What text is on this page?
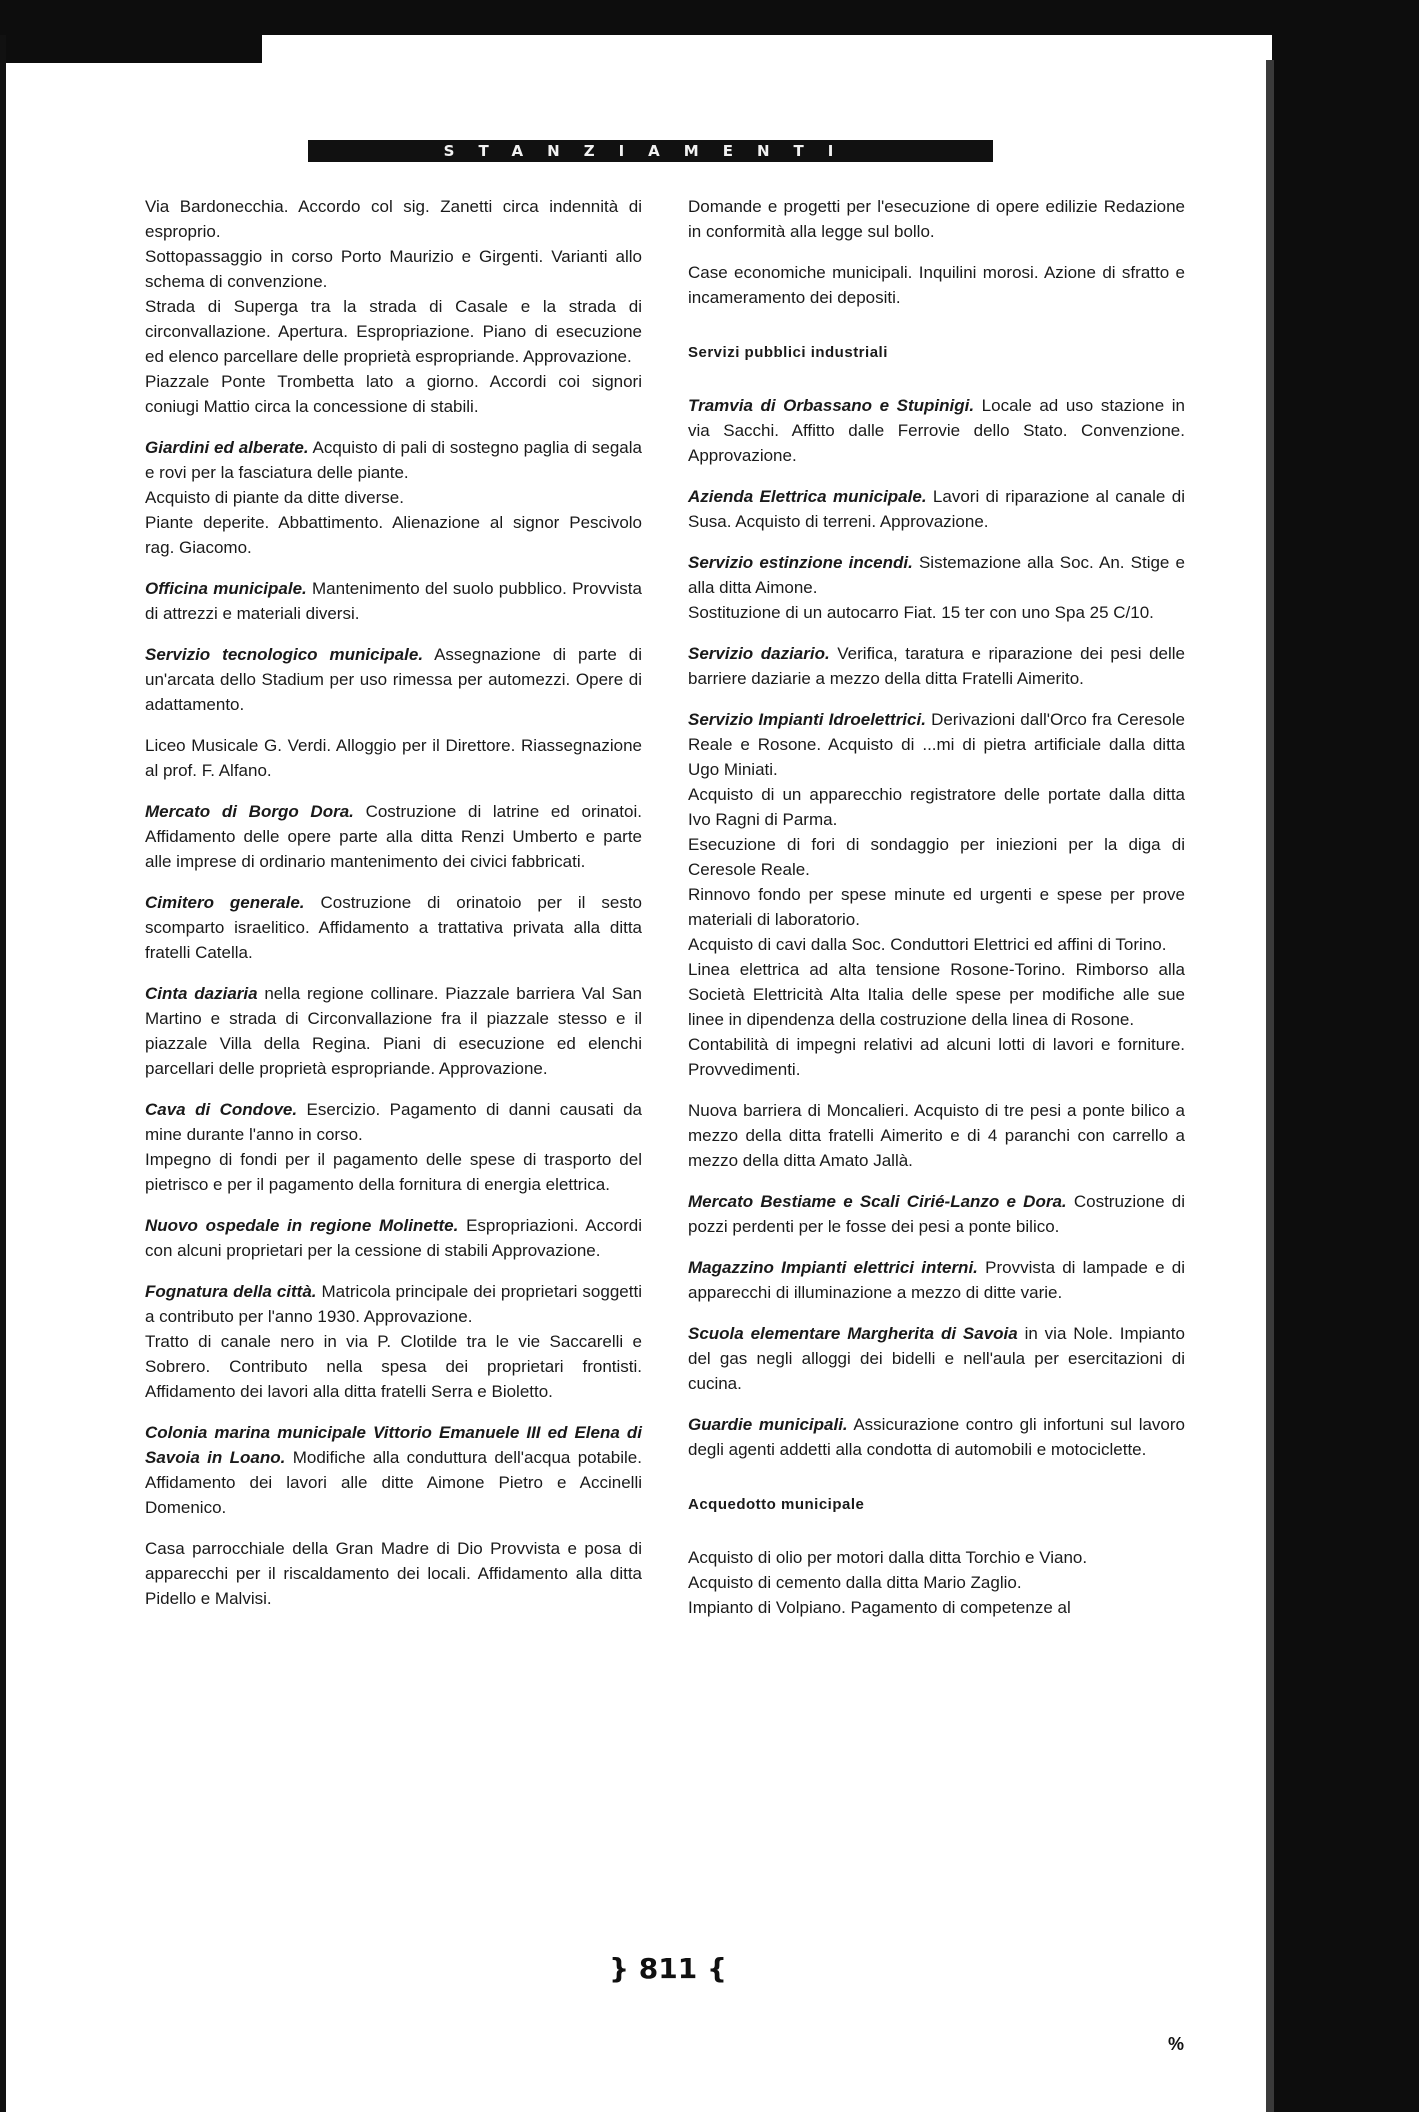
STANZIAMENTI

Via Bardonecchia. Accordo col sig. Zanetti circa indennità di esproprio.

Sottopassaggio in corso Porto Maurizio e Girgenti. Varianti allo schema di convenzione.

Strada di Superga tra la strada di Casale e la strada di circonvallazione. Apertura. Espropriazione. Piano di esecuzione ed elenco parcellare delle proprietà espropriande. Approvazione.

Piazzale Ponte Trombetta lato a giorno. Accordi coi signori coniugi Mattio circa la concessione di stabili.

Giardini ed alberate. Acquisto di pali di sostegno paglia di segala e rovi per la fasciatura delle piante.

Acquisto di piante da ditte diverse.

Piante deperite. Abbattimento. Alienazione al signor Pescivolo rag. Giacomo.

Officina municipale. Mantenimento del suolo pubblico. Provvista di attrezzi e materiali diversi.

Servizio tecnologico municipale. Assegnazione di parte di un'arcata dello Stadium per uso rimessa per automezzi. Opere di adattamento.

Liceo Musicale G. Verdi. Alloggio per il Direttore. Riassegnazione al prof. F. Alfano.

Mercato di Borgo Dora. Costruzione di latrine ed orinatoi. Affidamento delle opere parte alla ditta Renzi Umberto e parte alle imprese di ordinario mantenimento dei civici fabbricati.

Cimitero generale. Costruzione di orinatoio per il sesto scomparto israelitico. Affidamento a trattativa privata alla ditta fratelli Catella.

Cinta daziaria nella regione collinare. Piazzale barriera Val San Martino e strada di Circonvallazione fra il piazzale stesso e il piazzale Villa della Regina. Piani di esecuzione ed elenchi parcellari delle proprietà espropriande. Approvazione.

Cava di Condove. Esercizio. Pagamento di danni causati da mine durante l'anno in corso.

Impegno di fondi per il pagamento delle spese di trasporto del pietrisco e per il pagamento della fornitura di energia elettrica.

Nuovo ospedale in regione Molinette. Espropriazioni. Accordi con alcuni proprietari per la cessione di stabili Approvazione.

Fognatura della città. Matricola principale dei proprietari soggetti a contributo per l'anno 1930. Approvazione.

Tratto di canale nero in via P. Clotilde tra le vie Saccarelli e Sobrero. Contributo nella spesa dei proprietari frontisti. Affidamento dei lavori alla ditta fratelli Serra e Bioletto.

Colonia marina municipale Vittorio Emanuele III ed Elena di Savoia in Loano. Modifiche alla conduttura dell'acqua potabile. Affidamento dei lavori alle ditte Aimone Pietro e Accinelli Domenico.

Casa parrocchiale della Gran Madre di Dio Provvista e posa di apparecchi per il riscaldamento dei locali. Affidamento alla ditta Pidello e Malvisi.

Domande e progetti per l'esecuzione di opere edilizie Redazione in conformità alla legge sul bollo.

Case economiche municipali. Inquilini morosi. Azione di sfratto e incameramento dei depositi.

Servizi pubblici industriali

Tramvia di Orbassano e Stupinigi. Locale ad uso stazione in via Sacchi. Affitto dalle Ferrovie dello Stato. Convenzione. Approvazione.

Azienda Elettrica municipale. Lavori di riparazione al canale di Susa. Acquisto di terreni. Approvazione.

Servizio estinzione incendi. Sistemazione alla Soc. An. Stige e alla ditta Aimone.

Sostituzione di un autocarro Fiat. 15 ter con uno Spa 25 C/10.

Servizio daziario. Verifica, taratura e riparazione dei pesi delle barriere daziarie a mezzo della ditta Fratelli Aimerito.

Servizio Impianti Idroelettrici. Derivazioni dall'Orco fra Ceresole Reale e Rosone. Acquisto di ...mi di pietra artificiale dalla ditta Ugo Miniati.

Acquisto di un apparecchio registratore delle portate dalla ditta Ivo Ragni di Parma.

Esecuzione di fori di sondaggio per iniezioni per la diga di Ceresole Reale.

Rinnovo fondo per spese minute ed urgenti e spese per prove materiali di laboratorio.

Acquisto di cavi dalla Soc. Conduttori Elettrici ed affini di Torino.

Linea elettrica ad alta tensione Rosone-Torino. Rimborso alla Società Elettricità Alta Italia delle spese per modifiche alle sue linee in dipendenza della costruzione della linea di Rosone.

Contabilità di impegni relativi ad alcuni lotti di lavori e forniture. Provvedimenti.

Nuova barriera di Moncalieri. Acquisto di tre pesi a ponte bilico a mezzo della ditta fratelli Aimerito e di 4 paranchi con carrello a mezzo della ditta Amato Jallà.

Mercato Bestiame e Scali Cirié-Lanzo e Dora. Costruzione di pozzi perdenti per le fosse dei pesi a ponte bilico.

Magazzino Impianti elettrici interni. Provvista di lampade e di apparecchi di illuminazione a mezzo di ditte varie.

Scuola elementare Margherita di Savoia in via Nole. Impianto del gas negli alloggi dei bidelli e nell'aula per esercitazioni di cucina.

Guardie municipali. Assicurazione contro gli infortuni sul lavoro degli agenti addetti alla condotta di automobili e motociclette.

Acquedotto municipale

Acquisto di olio per motori dalla ditta Torchio e Viano.

Acquisto di cemento dalla ditta Mario Zaglio.

Impianto di Volpiano. Pagamento di competenze al

} 811 {
%
